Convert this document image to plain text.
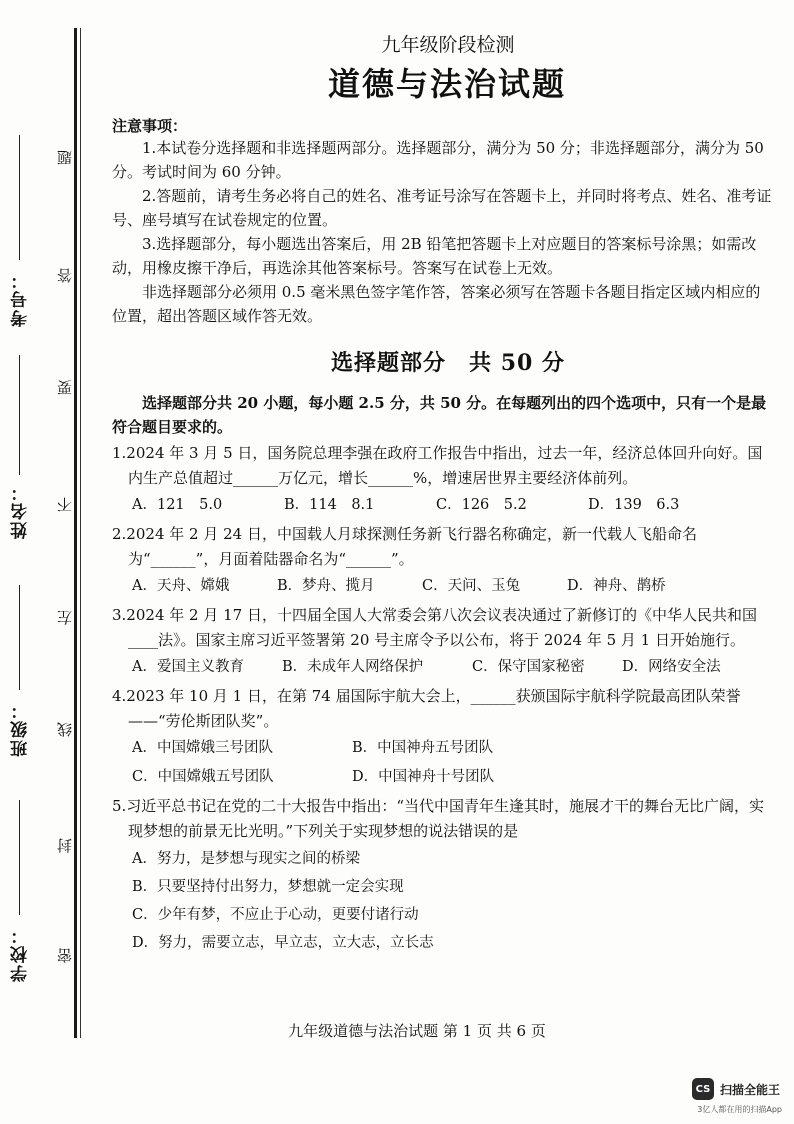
考号：
姓名：
班级：
学校：
题
答
要
不
左
线
封
密

九年级阶段检测

道德与法治试题

注意事项：

1.本试卷分选择题和非选择题两部分。选择题部分，满分为 50 分；非选择题部分，满分为 50 分。考试时间为 60 分钟。

2.答题前，请考生务必将自己的姓名、准考证号涂写在答题卡上，并同时将考点、姓名、准考证号、座号填写在试卷规定的位置。

3.选择题部分，每小题选出答案后，用 2B 铅笔把答题卡上对应题目的答案标号涂黑；如需改动，用橡皮擦干净后，再选涂其他答案标号。答案写在试卷上无效。

非选择题部分必须用 0.5 毫米黑色签字笔作答，答案必须写在答题卡各题目指定区域内相应的位置，超出答题区域作答无效。

选择题部分　共 50 分

选择题部分共 20 小题，每小题 2.5 分，共 50 分。在每题列出的四个选项中，只有一个是最符合题目要求的。

1.2024 年 3 月 5 日，国务院总理李强在政府工作报告中指出，过去一年，经济总体回升向好。国内生产总值超过______万亿元，增长______%，增速居世界主要经济体前列。

A．121　5.0	B．114　8.1	C．126　5.2	D．139　6.3

2.2024 年 2 月 24 日，中国载人月球探测任务新飞行器名称确定，新一代载人飞船命名为“______”，月面着陆器命名为“______”。

A．天舟、嫦娥	B．梦舟、揽月	C．天问、玉兔	D．神舟、鹊桥

3.2024 年 2 月 17 日，十四届全国人大常委会第八次会议表决通过了新修订的《中华人民共和国____法》。国家主席习近平签署第 20 号主席令予以公布，将于 2024 年 5 月 1 日开始施行。

A．爱国主义教育	B．未成年人网络保护	C．保守国家秘密	D．网络安全法

4.2023 年 10 月 1 日，在第 74 届国际宇航大会上，______获颁国际宇航科学院最高团队荣誉——“劳伦斯团队奖”。

A．中国嫦娥三号团队	B．中国神舟五号团队
C．中国嫦娥五号团队	D．中国神舟十号团队

5.习近平总书记在党的二十大报告中指出：“当代中国青年生逢其时，施展才干的舞台无比广阔，实现梦想的前景无比光明。”下列关于实现梦想的说法错误的是

A．努力，是梦想与现实之间的桥梁

B．只要坚持付出努力，梦想就一定会实现

C．少年有梦，不应止于心动，更要付诸行动

D．努力，需要立志，早立志，立大志，立长志

九年级道德与法治试题 第 1 页 共 6 页
CS 扫描全能王
3亿人都在用的扫描App
